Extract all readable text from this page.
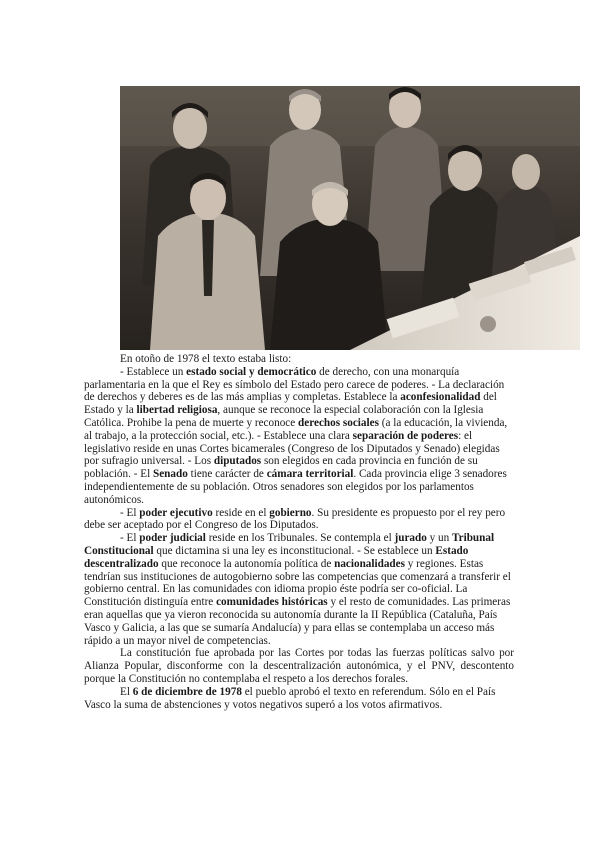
En otoño de 1978 el texto estaba listo:

- Establece un estado social y democrático de derecho, con una monarquía parlamentaria en la que el Rey es símbolo del Estado pero carece de poderes. - La declaración de derechos y deberes es de las más amplias y completas. Establece la aconfesionalidad del Estado y la libertad religiosa, aunque se reconoce la especial colaboración con la Iglesia Católica. Prohibe la pena de muerte y reconoce derechos sociales (a la educación, la vivienda, al trabajo, a la protección social, etc.). - Establece una clara separación de poderes: el legislativo reside en unas Cortes bicamerales (Congreso de los Diputados y Senado) elegidas por sufragio universal. - Los diputados son elegidos en cada provincia en función de su población. - El Senado tiene carácter de cámara territorial. Cada provincia elige 3 senadores independientemente de su población. Otros senadores son elegidos por los parlamentos autonómicos.

- El poder ejecutivo reside en el gobierno. Su presidente es propuesto por el rey pero debe ser aceptado por el Congreso de los Diputados.

- El poder judicial reside en los Tribunales. Se contempla el jurado y un Tribunal Constitucional que dictamina si una ley es inconstitucional. - Se establece un Estado descentralizado que reconoce la autonomía política de nacionalidades y regiones. Estas tendrían sus instituciones de autogobierno sobre las competencias que comenzará a transferir el gobierno central. En las comunidades con idioma propio éste podría ser co-oficial. La Constitución distinguía entre comunidades históricas y el resto de comunidades. Las primeras eran aquellas que ya vieron reconocida su autonomía durante la II República (Cataluña, País Vasco y Galicia, a las que se sumaría Andalucía) y para ellas se contemplaba un acceso más rápido a un mayor nivel de competencias.

La constitución fue aprobada por las Cortes por todas las fuerzas políticas salvo por Alianza Popular, disconforme con la descentralización autonómica, y el PNV, descontento porque la Constitución no contemplaba el respeto a los derechos forales.

El 6 de diciembre de 1978 el pueblo aprobó el texto en referendum. Sólo en el País Vasco la suma de abstenciones y votos negativos superó a los votos afirmativos.
